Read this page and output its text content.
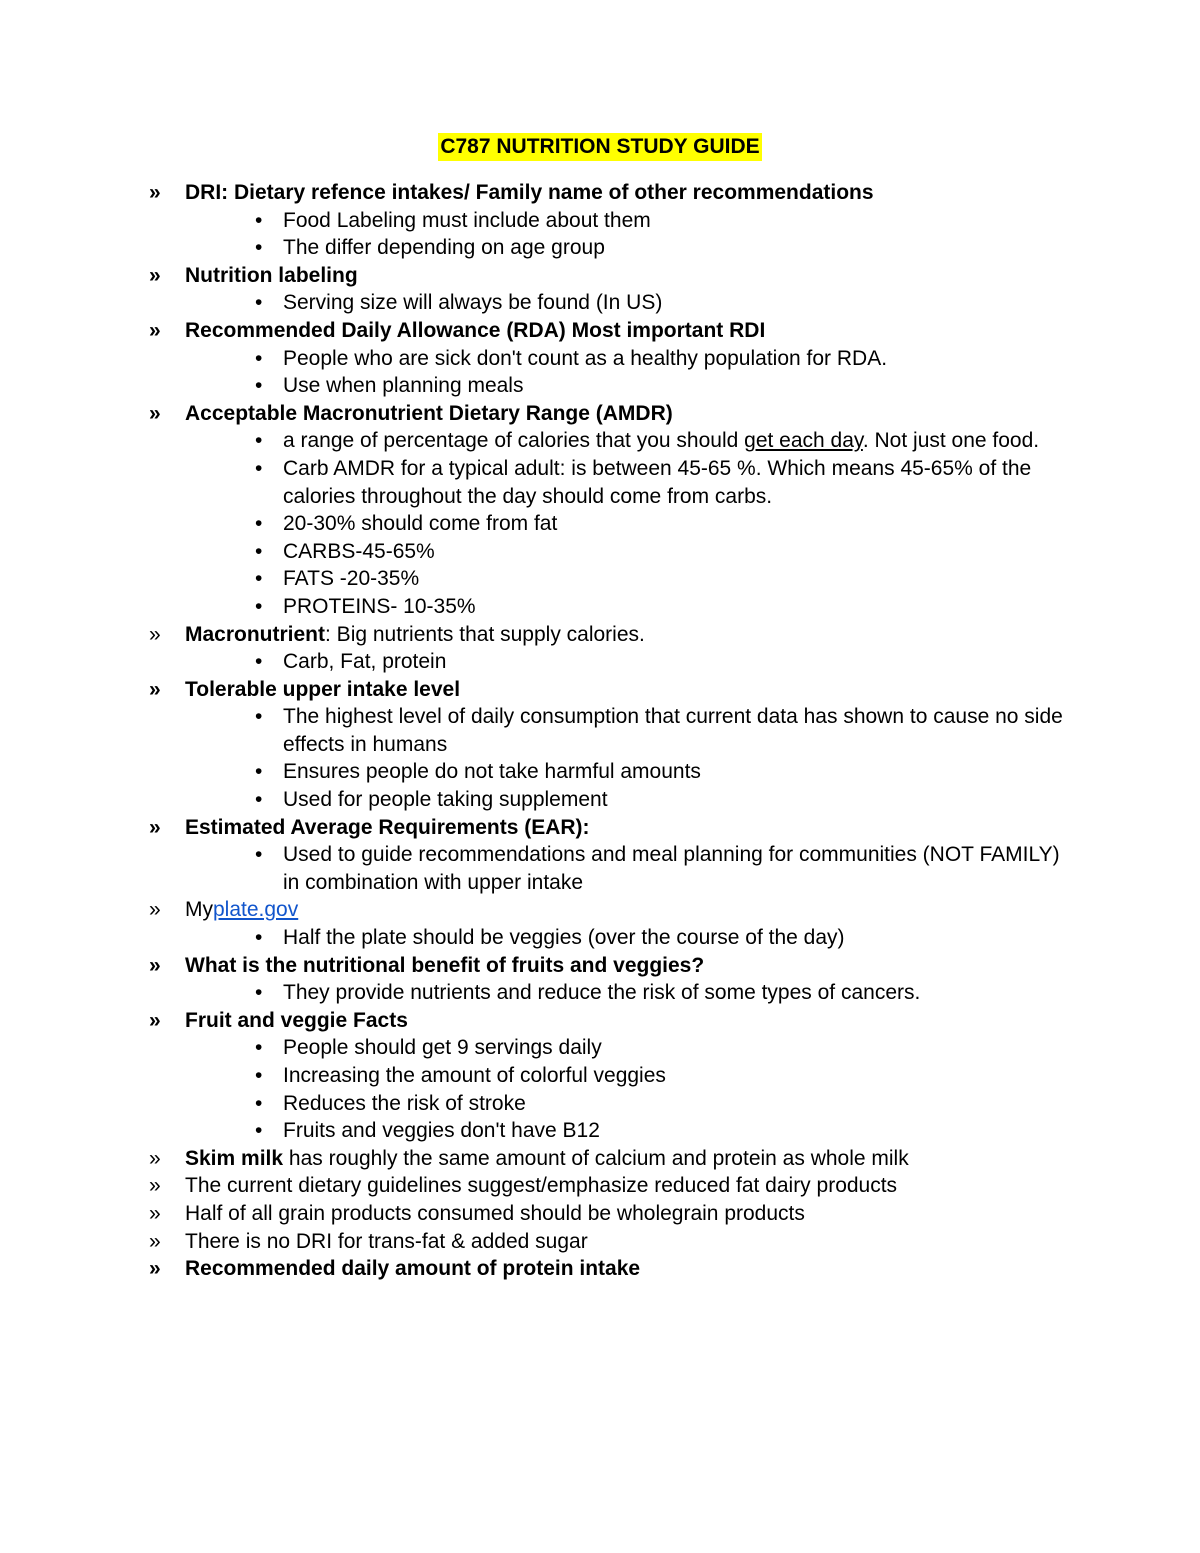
C787 NUTRITION STUDY GUIDE
» DRI: Dietary refence intakes/ Family name of other recommendations
• Food Labeling must include about them
• The differ depending on age group
» Nutrition labeling
• Serving size will always be found (In US)
» Recommended Daily Allowance (RDA) Most important RDI
• People who are sick don't count as a healthy population for RDA.
• Use when planning meals
» Acceptable Macronutrient Dietary Range (AMDR)
• a range of percentage of calories that you should get each day. Not just one food.
• Carb AMDR for a typical adult: is between 45-65 %. Which means 45-65% of the calories throughout the day should come from carbs.
• 20-30% should come from fat
• CARBS-45-65%
• FATS -20-35%
• PROTEINS- 10-35%
» Macronutrient: Big nutrients that supply calories.
• Carb, Fat, protein
» Tolerable upper intake level
• The highest level of daily consumption that current data has shown to cause no side effects in humans
• Ensures people do not take harmful amounts
• Used for people taking supplement
» Estimated Average Requirements (EAR):
• Used to guide recommendations and meal planning for communities (NOT FAMILY) in combination with upper intake
» Myplate.gov
• Half the plate should be veggies (over the course of the day)
» What is the nutritional benefit of fruits and veggies?
• They provide nutrients and reduce the risk of some types of cancers.
» Fruit and veggie Facts
• People should get 9 servings daily
• Increasing the amount of colorful veggies
• Reduces the risk of stroke
• Fruits and veggies don't have B12
» Skim milk has roughly the same amount of calcium and protein as whole milk
» The current dietary guidelines suggest/emphasize reduced fat dairy products
» Half of all grain products consumed should be wholegrain products
» There is no DRI for trans-fat & added sugar
» Recommended daily amount of protein intake
